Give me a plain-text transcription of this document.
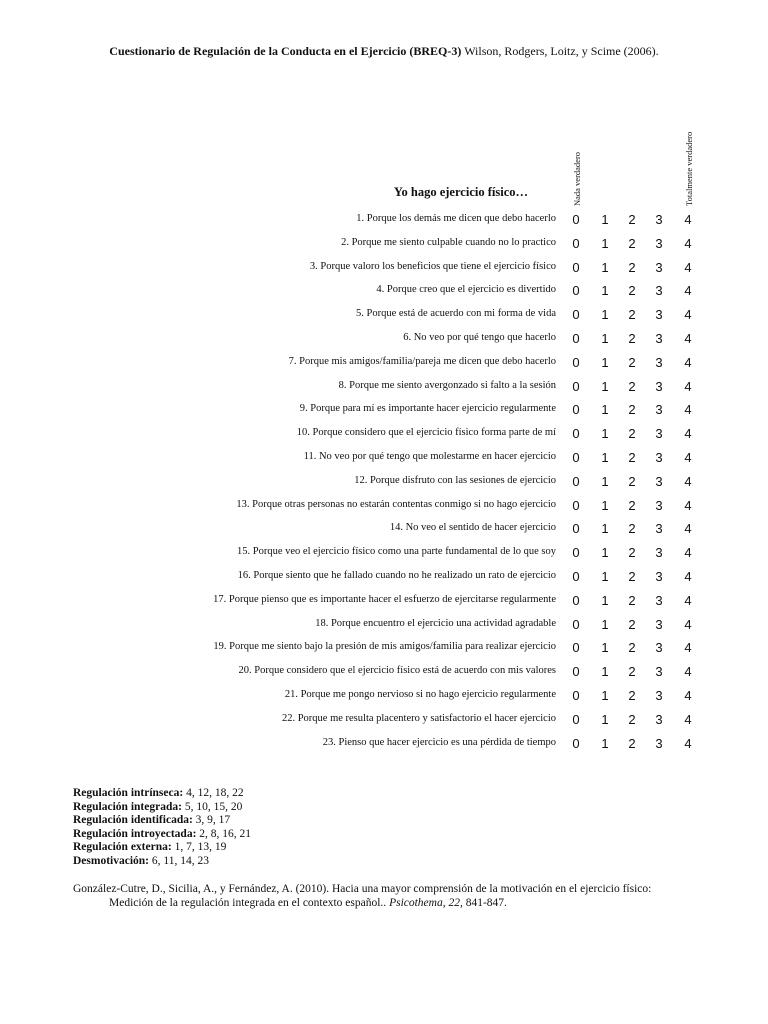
Cuestionario de Regulación de la Conducta en el Ejercicio (BREQ-3) Wilson, Rodgers, Loitz, y Scime (2006).
Nada verdadero	Totalmente verdadero
Yo hago ejercicio físico…
1. Porque los demás me dicen que debo hacerlo	0	1	2	3	4
2. Porque me siento culpable cuando no lo practico	0	1	2	3	4
3. Porque valoro los beneficios que tiene el ejercicio físico	0	1	2	3	4
4. Porque creo que el ejercicio es divertido	0	1	2	3	4
5. Porque está de acuerdo con mi forma de vida	0	1	2	3	4
6. No veo por qué tengo que hacerlo	0	1	2	3	4
7. Porque mis amigos/familia/pareja me dicen que debo hacerlo	0	1	2	3	4
8. Porque me siento avergonzado si falto a la sesión	0	1	2	3	4
9. Porque para mí es importante hacer ejercicio regularmente	0	1	2	3	4
10. Porque considero que el ejercicio físico forma parte de mí	0	1	2	3	4
11. No veo por qué tengo que molestarme en hacer ejercicio	0	1	2	3	4
12. Porque disfruto con las sesiones de ejercicio	0	1	2	3	4
13. Porque otras personas no estarán contentas conmigo si no hago ejercicio	0	1	2	3	4
14. No veo el sentido de hacer ejercicio	0	1	2	3	4
15. Porque veo el ejercicio físico como una parte fundamental de lo que soy	0	1	2	3	4
16. Porque siento que he fallado cuando no he realizado un rato de ejercicio	0	1	2	3	4
17. Porque pienso que es importante hacer el esfuerzo de ejercitarse regularmente	0	1	2	3	4
18. Porque encuentro el ejercicio una actividad agradable	0	1	2	3	4
19. Porque me siento bajo la presión de mis amigos/familia para realizar ejercicio	0	1	2	3	4
20. Porque considero que el ejercicio físico está de acuerdo con mis valores	0	1	2	3	4
21. Porque me pongo nervioso si no hago ejercicio regularmente	0	1	2	3	4
22. Porque me resulta placentero y satisfactorio el hacer ejercicio	0	1	2	3	4
23. Pienso que hacer ejercicio es una pérdida de tiempo	0	1	2	3	4
Regulación intrínseca: 4, 12, 18, 22
Regulación integrada: 5, 10, 15, 20
Regulación identificada: 3, 9, 17
Regulación introyectada: 2, 8, 16, 21
Regulación externa: 1, 7, 13, 19
Desmotivación: 6, 11, 14, 23
González-Cutre, D., Sicilia, A., y Fernández, A. (2010). Hacia una mayor comprensión de la motivación en el ejercicio físico:
Medición de la regulación integrada en el contexto español.. Psicothema, 22, 841-847.
